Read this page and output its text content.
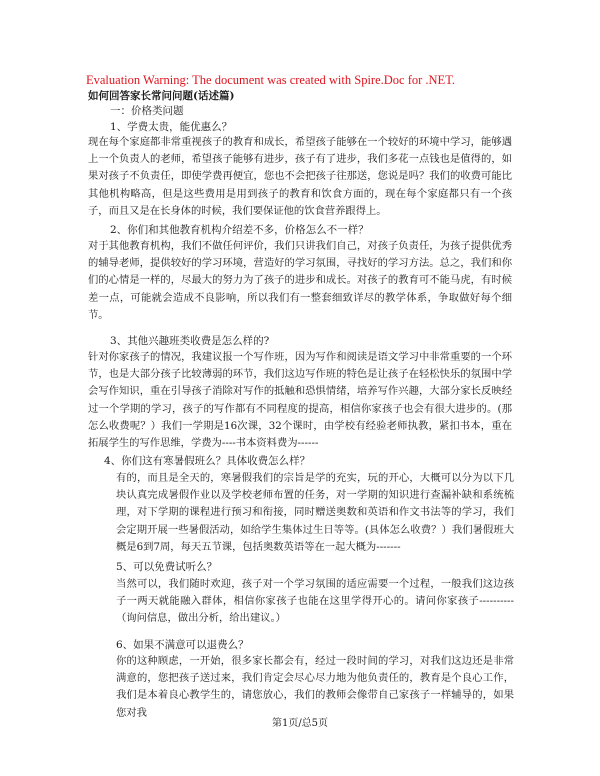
Evaluation Warning: The document was created with Spire.Doc for .NET.
如何回答家长常问问题(话述篇)
一：价格类问题
1、学费太贵，能优惠么？
现在每个家庭都非常重视孩子的教育和成长，希望孩子能够在一个较好的环境中学习，能够遇上一个负责人的老师，希望孩子能够有进步，孩子有了进步，我们多花一点钱也是值得的，如果对孩子不负责任，即使学费再便宜，您也不会把孩子往那送，您说是吗？我们的收费可能比其他机构略高，但是这些费用是用到孩子的教育和饮食方面的，现在每个家庭都只有一个孩子，而且又是在长身体的时候，我们要保证他的饮食营养跟得上。
2、你们和其他教育机构介绍差不多，价格怎么不一样？
对于其他教育机构，我们不做任何评价，我们只讲我们自己，对孩子负责任，为孩子提供优秀的辅导老师，提供较好的学习环境，营造好的学习氛围，寻找好的学习方法。总之，我们和你们的心情是一样的，尽最大的努力为了孩子的进步和成长。对孩子的教育可不能马虎，有时候差一点，可能就会造成不良影响，所以我们有一整套细致详尽的教学体系，争取做好每个细节。
3、其他兴趣班类收费是怎么样的?
针对你家孩子的情况，我建议报一个写作班，因为写作和阅读是语文学习中非常重要的一个环节，也是大部分孩子比较薄弱的环节，我们这边写作班的特色是让孩子在轻松快乐的氛围中学会写作知识，重在引导孩子消除对写作的抵触和恐惧情绪，培养写作兴趣，大部分家长反映经过一个学期的学习，孩子的写作都有不同程度的提高，相信你家孩子也会有很大进步的。(那怎么收费呢？）我们一学期是16次课，32个课时，由学校有经验老师执教，紧扣书本，重在拓展学生的写作思维，学费为----书本资料费为------
4、你们这有寒暑假班么？具体收费怎么样？
有的，而且是全天的，寒暑假我们的宗旨是学的充实，玩的开心，大概可以分为以下几块认真完成暑假作业以及学校老师布置的任务，对一学期的知识进行查漏补缺和系统梳理，对下学期的课程进行预习和衔接，同时赠送奥数和英语和作文书法等的学习，我们会定期开展一些暑假活动，如给学生集体过生日等等。(具体怎么收费？）我们暑假班大概是6到7周，每天五节课，包括奥数英语等在一起大概为-------
5、可以免费试听么？
当然可以，我们随时欢迎，孩子对一个学习氛围的适应需要一个过程，一般我们这边孩子一两天就能融入群体，相信你家孩子也能在这里学得开心的。请问你家孩子----------（询问信息，做出分析，给出建议。）
6、如果不满意可以退费么？
你的这种顾虑，一开始，很多家长都会有，经过一段时间的学习，对我们这边还是非常满意的，您把孩子送过来，我们肯定会尽心尽力地为他负责任的，教育是个良心工作，我们是本着良心教学生的，请您放心，我们的教师会像带自己家孩子一样辅导的，如果您对我
第1页/总5页
